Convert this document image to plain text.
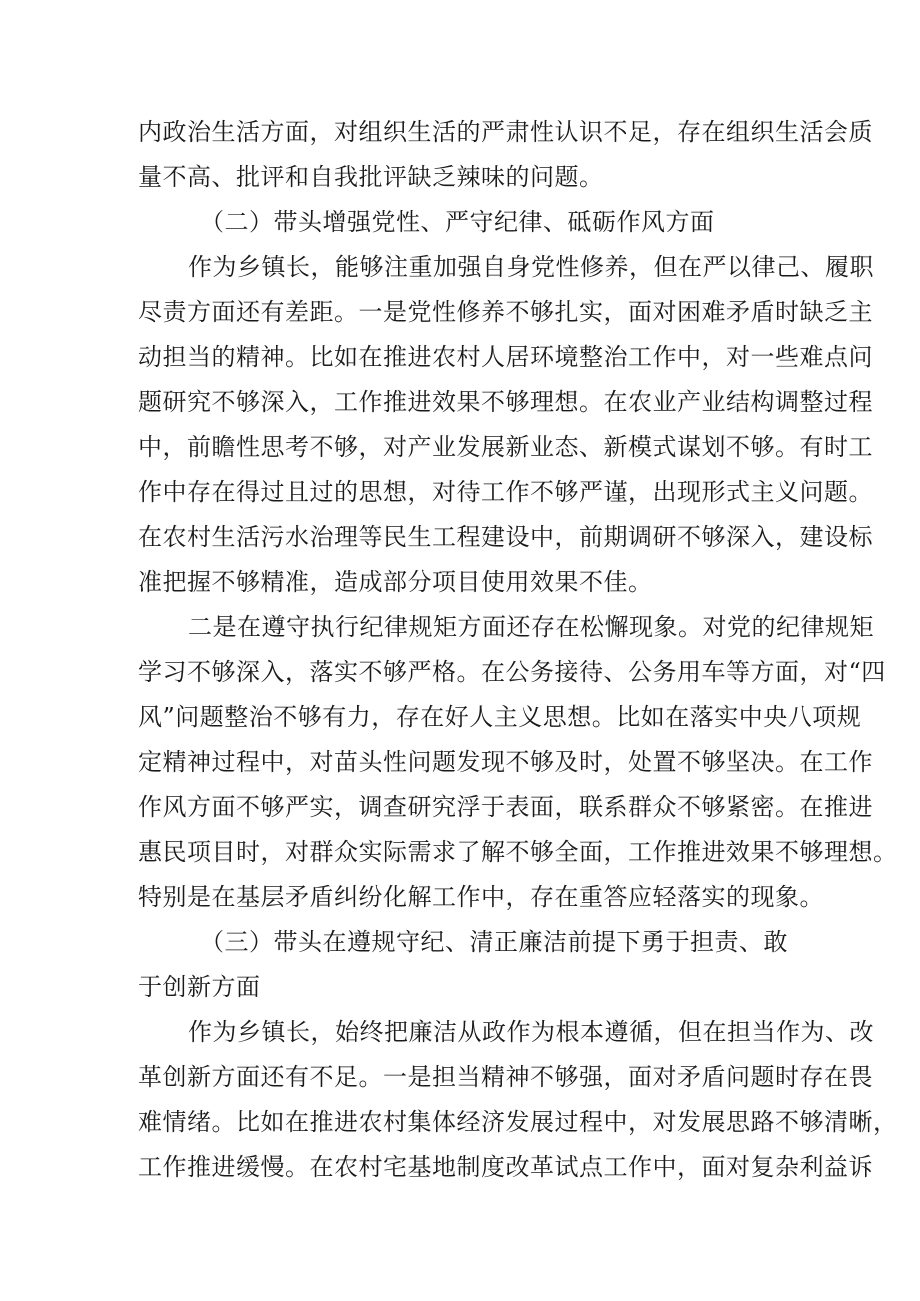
内政治生活方面，对组织生活的严肃性认识不足，存在组织生活会质
量不高、批评和自我批评缺乏辣味的问题。
（二）带头增强党性、严守纪律、砥砺作风方面
作为乡镇长，能够注重加强自身党性修养，但在严以律己、履职
尽责方面还有差距。一是党性修养不够扎实，面对困难矛盾时缺乏主
动担当的精神。比如在推进农村人居环境整治工作中，对一些难点问
题研究不够深入，工作推进效果不够理想。在农业产业结构调整过程
中，前瞻性思考不够，对产业发展新业态、新模式谋划不够。有时工
作中存在得过且过的思想，对待工作不够严谨，出现形式主义问题。
在农村生活污水治理等民生工程建设中，前期调研不够深入，建设标
准把握不够精准，造成部分项目使用效果不佳。
二是在遵守执行纪律规矩方面还存在松懈现象。对党的纪律规矩
学习不够深入，落实不够严格。在公务接待、公务用车等方面，对“四
风”问题整治不够有力，存在好人主义思想。比如在落实中央八项规
定精神过程中，对苗头性问题发现不够及时，处置不够坚决。在工作
作风方面不够严实，调查研究浮于表面，联系群众不够紧密。在推进
惠民项目时，对群众实际需求了解不够全面，工作推进效果不够理想。
特别是在基层矛盾纠纷化解工作中，存在重答应轻落实的现象。
（三）带头在遵规守纪、清正廉洁前提下勇于担责、敢
于创新方面
作为乡镇长，始终把廉洁从政作为根本遵循，但在担当作为、改
革创新方面还有不足。一是担当精神不够强，面对矛盾问题时存在畏
难情绪。比如在推进农村集体经济发展过程中，对发展思路不够清晰，
工作推进缓慢。在农村宅基地制度改革试点工作中，面对复杂利益诉
